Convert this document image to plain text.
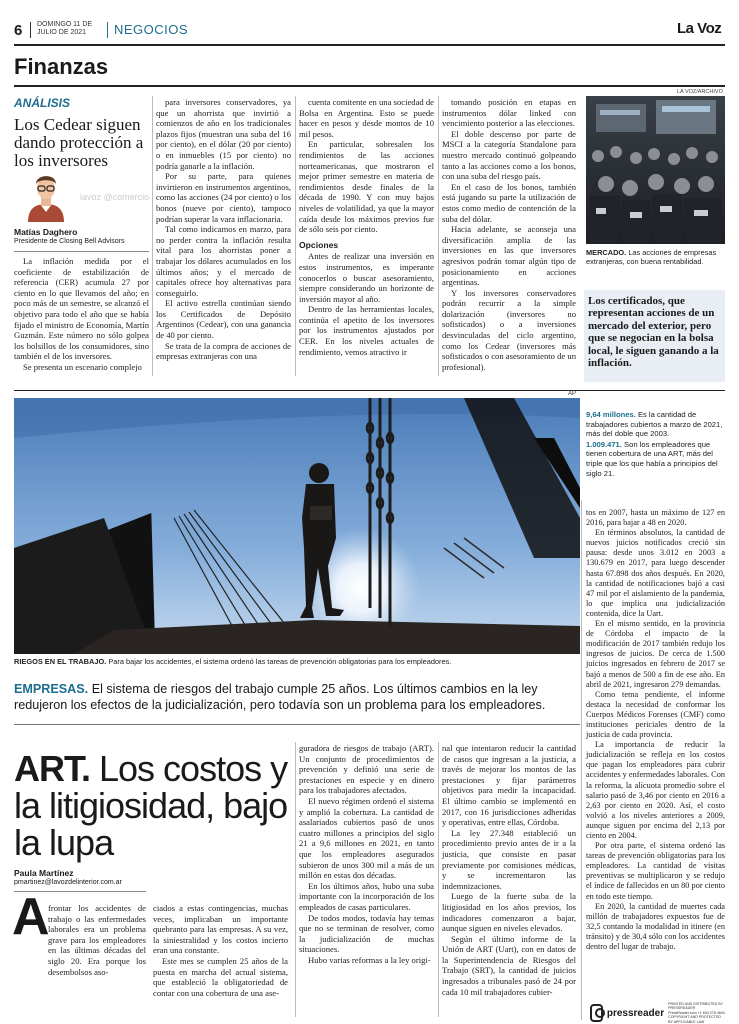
6 DOMINGO 11 DE
JULIO DE 2021	NEGOCIOS	La Voz
Finanzas
ANÁLISIS
Los Cedear siguen dando protección a los inversores
lavoz @comercio
Matías Daghero
Presidente de Closing Bell Advisors

La inflación medida por el coeficiente de estabilización de referencia (CER) acumula 27 por ciento en lo que llevamos del año; en poco más de un semestre, se alcanzó el objetivo para todo el año que se había fijado el ministro de Economía, Martín Guzmán. Este número no sólo golpea los bolsillos de los consumidores, sino también el de los inversores.

Se presenta un escenario complejo

para inversores conservadores, ya que un ahorrista que invirtió a comienzos de año en los tradicionales plazos fijos (muestran una suba del 16 por ciento), en el dólar (20 por ciento) o en inmuebles (15 por ciento) no podría ganarle a la inflación.

Por su parte, para quienes invirtieron en instrumentos argentinos, como las acciones (24 por ciento) o los bonos (nueve por ciento), tampoco podrían superar la vara inflacionaria.

Tal como indicamos en marzo, para no perder contra la inflación resulta vital para los ahorristas poner a trabajar los dólares acumulados en los últimos años; y el mercado de capitales ofrece hoy alternativas para conseguirlo.

El activo estrella continúan siendo los Certificados de Depósito Argentinos (Cedear), con una ganancia de 40 por ciento.

Se trata de la compra de acciones de empresas extranjeras con una

cuenta comitente en una sociedad de Bolsa en Argentina. Esto se puede hacer en pesos y desde montos de 10 mil pesos.

En particular, sobresalen los rendimientos de las acciones norteamericanas, que mostraron el mejor primer semestre en materia de rendimientos desde finales de la década de 1990. Y con muy bajos niveles de volatilidad, ya que la mayor caída desde los máximos previos fue de sólo seis por ciento.

Opciones

Antes de realizar una inversión en estos instrumentos, es imperante conocerlos o buscar asesoramiento, siempre considerando un horizonte de inversión mayor al año.

Dentro de las herramientas locales, continúa el apetito de los inversores por los instrumentos ajustados por CER. En los niveles actuales de rendimiento, vemos atractivo ir

tomando posición en etapas en instrumentos dólar linked con vencimiento posterior a las elecciones.

El doble descenso por parte de MSCI a la categoría Standalone para nuestro mercado continuó golpeando tanto a las acciones como a los bonos, con una suba del riesgo país.

En el caso de los bonos, también está jugando su parte la utilización de estos como medio de contención de la suba del dólar.

Hacia adelante, se aconseja una diversificación amplia de las inversiones en las que inversores agresivos podrán tomar algún tipo de posicionamiento en acciones argentinas.

Y los inversores conservadores podrán recurrir a la simple dolarización (inversores no sofisticados) o a inversiones desvinculadas del ciclo argentino, como los Cedear (inversores más sofisticados o con asesoramiento de un profesional).

LA VOZ/ARCHIVO
MERCADO. Las acciones de empresas extranjeras, con buena rentabilidad.
Los certificados, que representan acciones de un mercado del exterior, pero que se negocian en la bolsa local, le siguen ganando a la inflación.
AP
RIEGOS EN EL TRABAJO. Para bajar los accidentes, el sistema ordenó las tareas de prevención obligatorias para los empleadores.
9,64 millones. Es la cantidad de trabajadores cubiertos a marzo de 2021, más del doble que 2003.
1.009.471. Son los empleadores que tienen cobertura de una ART, más del triple que los que había a principios del siglo 21.
EMPRESAS. El sistema de riesgos del trabajo cumple 25 años. Los últimos cambios en la ley redujeron los efectos de la judicialización, pero todavía son un problema para los empleadores.
ART. Los costos y la litigiosidad, bajo la lupa
Paula Martínez
pmartinez@lavozdelinterior.com.ar
A

frontar los accidentes de trabajo o las enfermedades laborales era un problema grave para los empleadores en las últimas décadas del siglo 20. Era porque los desembolsos aso-

ciados a estas contingencias, muchas veces, implicaban un importante quebranto para las empresas. A su vez, la siniestralidad y los costos incierto eran una constante.

Este mes se cumplen 25 años de la puesta en marcha del actual sistema, que estableció la obligatoriedad de contar con una cobertura de una ase-

guradora de riesgos de trabajo (ART). Un conjunto de procedimientos de prevención y definió una serie de prestaciones en especie y en dinero para los trabajadores afectados.

El nuevo régimen ordenó el sistema y amplió la cobertura. La cantidad de asalariados cubiertos pasó de unos cuatro millones a principios del siglo 21 a 9,6 millones en 2021, en tanto que los empleadores asegurados subieron de unos 300 mil a más de un millón en estas dos décadas.

En los últimos años, hubo una suba importante con la incorporación de los empleados de casas particulares.

De todos modos, todavía hay temas que no se terminan de resolver, como la judicialización de muchas situaciones.

Hubo varias reformas a la ley origi-

nal que intentaron reducir la cantidad de casos que ingresan a la justicia, a través de mejorar los montos de las prestaciones y fijar parámetros objetivos para medir la incapacidad. El último cambio se implementó en 2017, con 16 jurisdicciones adheridas y operativas, entre ellas, Córdoba.

La ley 27.348 estableció un procedimiento previo antes de ir a la justicia, que consiste en pasar previamente por comisiones médicas, y se incrementaron las indemnizaciones.

Luego de la fuerte suba de la litigiosidad en los años previos, los indicadores comenzaron a bajar, aunque siguen en niveles elevados.

Según el último informe de la Unión de ART (Uart), con en datos de la Superintendencia de Riesgos del Trabajo (SRT), la cantidad de juicios ingresados a tribunales pasó de 24 por cada 10 mil trabajadores cubier-

tos en 2007, hasta un máximo de 127 en 2016, para bajar a 48 en 2020.

En términos absolutos, la cantidad de nuevos juicios notificados creció sin pausa: desde unos 3.012 en 2003 a 130.679 en 2017, para luego descender hasta 67.898 dos años después. En 2020, la cantidad de notificaciones bajó a casi 47 mil por el aislamiento de la pandemia, lo que implica una judicialización contenida, dice la Uart.

En el mismo sentido, en la provincia de Córdoba el impacto de la modificación de 2017 también redujo los ingresos de juicios. De cerca de 1.500 juicios ingresados en febrero de 2017 se bajó a menos de 500 a fin de ese año. En abril de 2021, ingresaron 279 demandas.

Como tema pendiente, el informe destaca la necesidad de conformar los Cuerpos Médicos Forenses (CMF) como instituciones periciales dentro de la justicia de cada provincia.

La importancia de reducir la judicialización se refleja en los costos que pagan los empleadores para cubrir accidentes y enfermedades laborales. Con la reforma, la alícuota promedio sobre el salario pasó de 3,46 por ciento en 2016 a 2,63 por ciento en 2020. Así, el costo volvió a los niveles anteriores a 2009, aunque siguen por encima del 2,13 por ciento en 2004.

Por otra parte, el sistema ordenó las tareas de prevención obligatorias para los empleadores. La cantidad de visitas preventivas se multiplicaron y se redujo el índice de fallecidos en un 80 por ciento en todo este tiempo.

En 2020, la cantidad de muertes cada millón de trabajadores expuestos fue de 32,5 contando la modalidad in itinere (en tránsito) y de 30,4 sólo con los accidentes dentro del lugar de trabajo.

pressreader
PRINTED AND DISTRIBUTED BY PRESSREADER
PressReader.com +1 604 278 4604
COPYRIGHT AND PROTECTED BY APPLICABLE LAW
